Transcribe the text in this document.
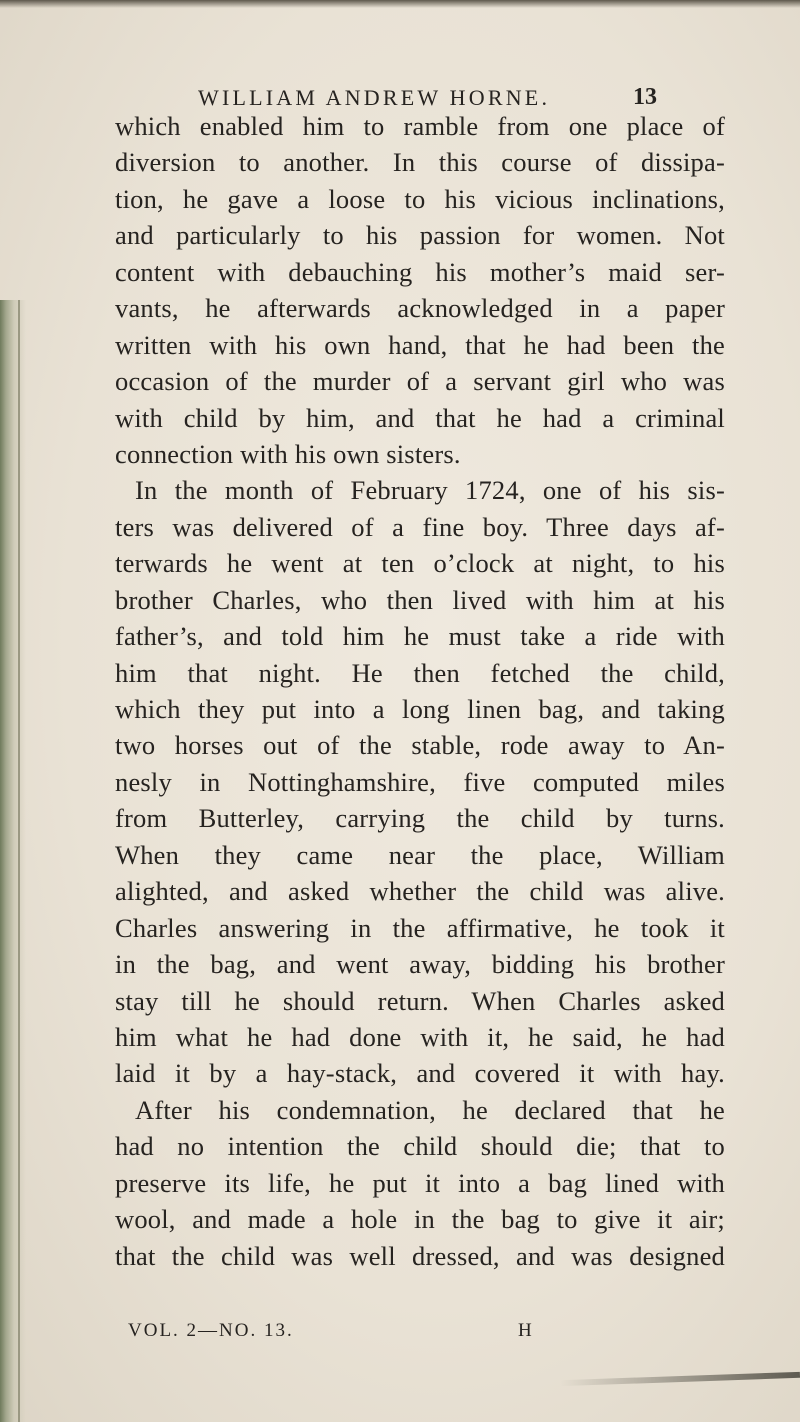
WILLIAM ANDREW HORNE.	13
which enabled him to ramble from one place of
diversion to another. In this course of dissipa-
tion, he gave a loose to his vicious inclinations,
and particularly to his passion for women. Not
content with debauching his mother’s maid ser-
vants, he afterwards acknowledged in a paper
written with his own hand, that he had been the
occasion of the murder of a servant girl who was
with child by him, and that he had a criminal
connection with his own sisters.
In the month of February 1724, one of his sis-
ters was delivered of a fine boy. Three days af-
terwards he went at ten o’clock at night, to his
brother Charles, who then lived with him at his
father’s, and told him he must take a ride with
him that night. He then fetched the child,
which they put into a long linen bag, and taking
two horses out of the stable, rode away to An-
nesly in Nottinghamshire, five computed miles
from Butterley, carrying the child by turns.
When they came near the place, William
alighted, and asked whether the child was alive.
Charles answering in the affirmative, he took it
in the bag, and went away, bidding his brother
stay till he should return. When Charles asked
him what he had done with it, he said, he had
laid it by a hay-stack, and covered it with hay.
After his condemnation, he declared that he
had no intention the child should die; that to
preserve its life, he put it into a bag lined with
wool, and made a hole in the bag to give it air;
that the child was well dressed, and was designed
VOL. 2—NO. 13.	H
